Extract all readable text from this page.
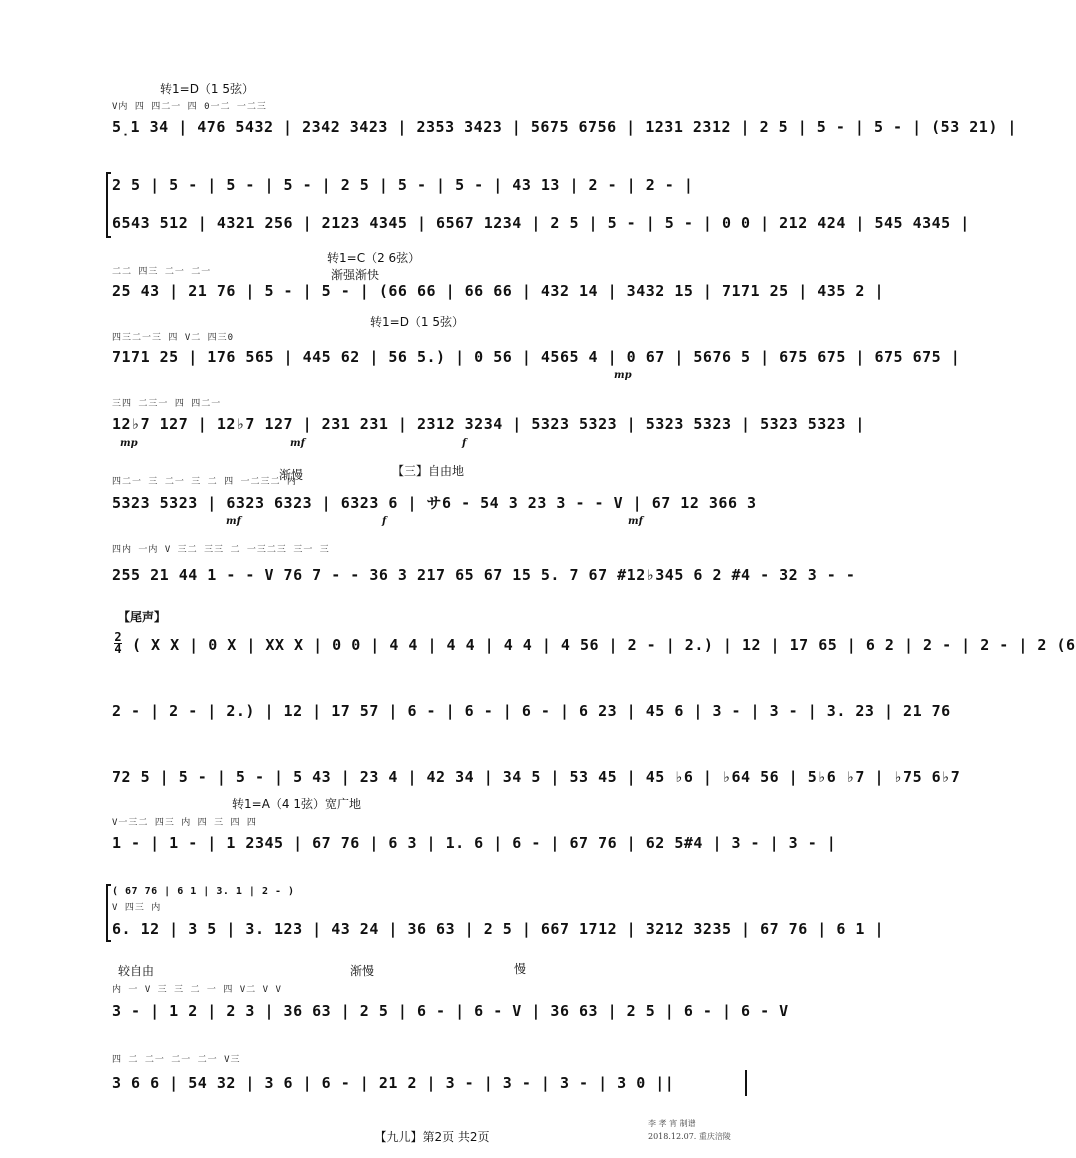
转1=D（1 5弦）
V内 四 四二一 四 0一二 一二三
5̣1 34 | 476 5432 | 2342 3423 | 2353 3423 | 5675 6756 | 1231 2312 | 2 5 | 5 - | 5 - | (53 21) |
2 5 | 5 - | 5 - | 5 - | 2 5 | 5 - | 5 - | 43 13 | 2 - | 2 - |
6543 512 | 4321 256 | 2123 4345 | 6567 1234 | 2 5 | 5 - | 5 - | 0 0 | 212 424 | 545 4345 |
转1=C（2 6弦）
渐强渐快
二二 四三 二一 二一
25 43 | 21 76 | 5 - | 5 - | (66 66 | 66 66 | 432 14 | 3432 15 | 7171 25 | 435 2 |
转1=D（1 5弦）
四三二一三 四 V二 四三0
7171 25 | 176 565 | 445 62 | 56 5.) | 0 56 | 4565 4 | 0 67 | 5676 5 | 675 675 | 675 675 |
mp
三四 二三一 四 四二一
12♭7 127 | 12♭7 127 | 231 231 | 2312 3234 | 5323 5323 | 5323 5323 | 5323 5323 |
mp	mf	f
渐慢	【三】自由地
四二一 三 二一 三 二 四 一二三二 内
5323 5323 | 6323 6323 | 6323 6 | サ6 - 54 3 23 3 - - V | 67 12 366 3
mf	f	mf
四内 一内 V 三二 三三 二 一三二三 三一 三
255 21 44 1 - - V 76 7 - - 36 3 217 65 67 15 5. 7 67 #12♭345 6 2 #4 - 32 3 - -
【尾声】
2
4 ( X X | 0 X | XX X | 0 0 | 4 4 | 4 4 | 4 4 | 4 56 | 2 - | 2.) | 12 | 17 65 | 6 2 | 2 - | 2 - | 2 (6
2 - | 2 - | 2.) | 12 | 17 57 | 6 - | 6 - | 6 - | 6 23 | 45 6 | 3 - | 3 - | 3. 23 | 21 76
72 5 | 5 - | 5 - | 5 43 | 23 4 | 42 34 | 34 5 | 53 45 | 45 ♭6 | ♭64 56 | 5♭6 ♭7 | ♭75 6♭7
转1=A（4 1弦）宽广地
V一三二 四三 内 四 三 四 四
1 - | 1 - | 1 2345 | 67 76 | 6 3 | 1. 6 | 6 - | 67 76 | 62 5#4 | 3 - | 3 - |
( 67 76 | 6 1 | 3. 1 | 2 - )
V 四三 内
6. 12 | 3 5 | 3. 123 | 43 24 | 36 63 | 2 5 | 667 1712 | 3212 3235 | 67 76 | 6 1 |
较自由	渐慢	慢
内 一 V 三 三 二 一 四 V二 V V
3 - | 1 2 | 2 3 | 36 63 | 2 5 | 6 - | 6 - V | 36 63 | 2 5 | 6 - | 6 - V
四 二 二一 二一 二一 V三
3 6 6 | 54 32 | 3 6 | 6 - | 21 2 | 3 - | 3 - | 3 - | 3 0 ||
【九儿】第2页 共2页
李 孝 宵 制谱
2018.12.07. 重庆涪陵
